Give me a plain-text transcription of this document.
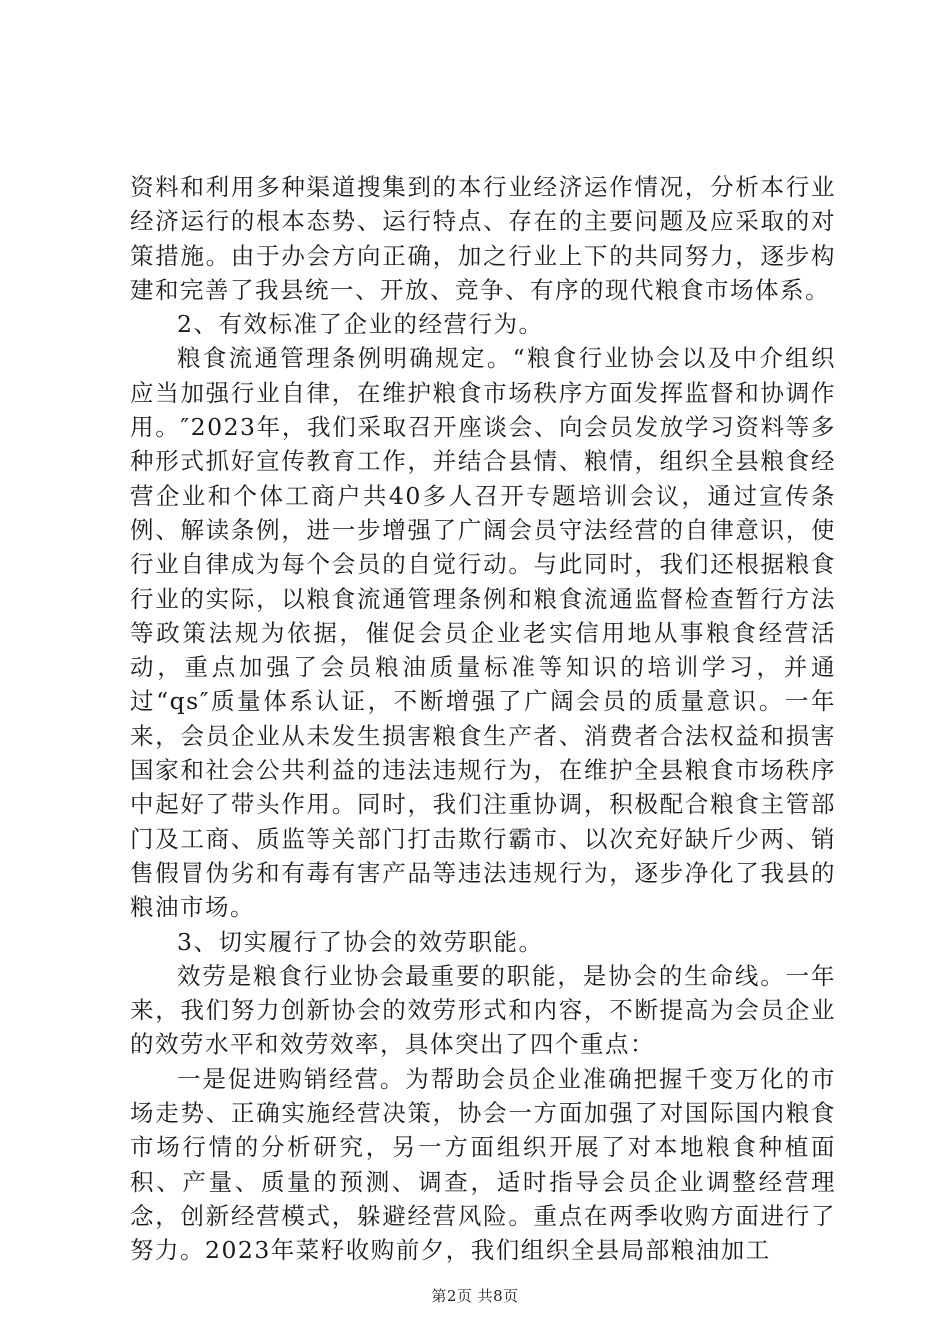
资料和利用多种渠道搜集到的本行业经济运作情况，分析本行业经济运行的根本态势、运行特点、存在的主要问题及应采取的对策措施。由于办会方向正确，加之行业上下的共同努力，逐步构建和完善了我县统一、开放、竞争、有序的现代粮食市场体系。

2、有效标准了企业的经营行为。

粮食流通管理条例明确规定。“粮食行业协会以及中介组织应当加强行业自律，在维护粮食市场秩序方面发挥监督和协调作用。″2023年，我们采取召开座谈会、向会员发放学习资料等多种形式抓好宣传教育工作，并结合县情、粮情，组织全县粮食经营企业和个体工商户共40多人召开专题培训会议，通过宣传条例、解读条例，进一步增强了广阔会员守法经营的自律意识，使行业自律成为每个会员的自觉行动。与此同时，我们还根据粮食行业的实际，以粮食流通管理条例和粮食流通监督检查暂行方法等政策法规为依据，催促会员企业老实信用地从事粮食经营活动，重点加强了会员粮油质量标准等知识的培训学习，并通过“qs″质量体系认证，不断增强了广阔会员的质量意识。一年来，会员企业从未发生损害粮食生产者、消费者合法权益和损害国家和社会公共利益的违法违规行为，在维护全县粮食市场秩序中起好了带头作用。同时，我们注重协调，积极配合粮食主管部门及工商、质监等关部门打击欺行霸市、以次充好缺斤少两、销售假冒伪劣和有毒有害产品等违法违规行为，逐步净化了我县的粮油市场。

3、切实履行了协会的效劳职能。

效劳是粮食行业协会最重要的职能，是协会的生命线。一年来，我们努力创新协会的效劳形式和内容，不断提高为会员企业的效劳水平和效劳效率，具体突出了四个重点：

一是促进购销经营。为帮助会员企业准确把握千变万化的市场走势、正确实施经营决策，协会一方面加强了对国际国内粮食市场行情的分析研究，另一方面组织开展了对本地粮食种植面积、产量、质量的预测、调查，适时指导会员企业调整经营理念，创新经营模式，躲避经营风险。重点在两季收购方面进行了努力。2023年菜籽收购前夕，我们组织全县局部粮油加工

第2页 共8页
